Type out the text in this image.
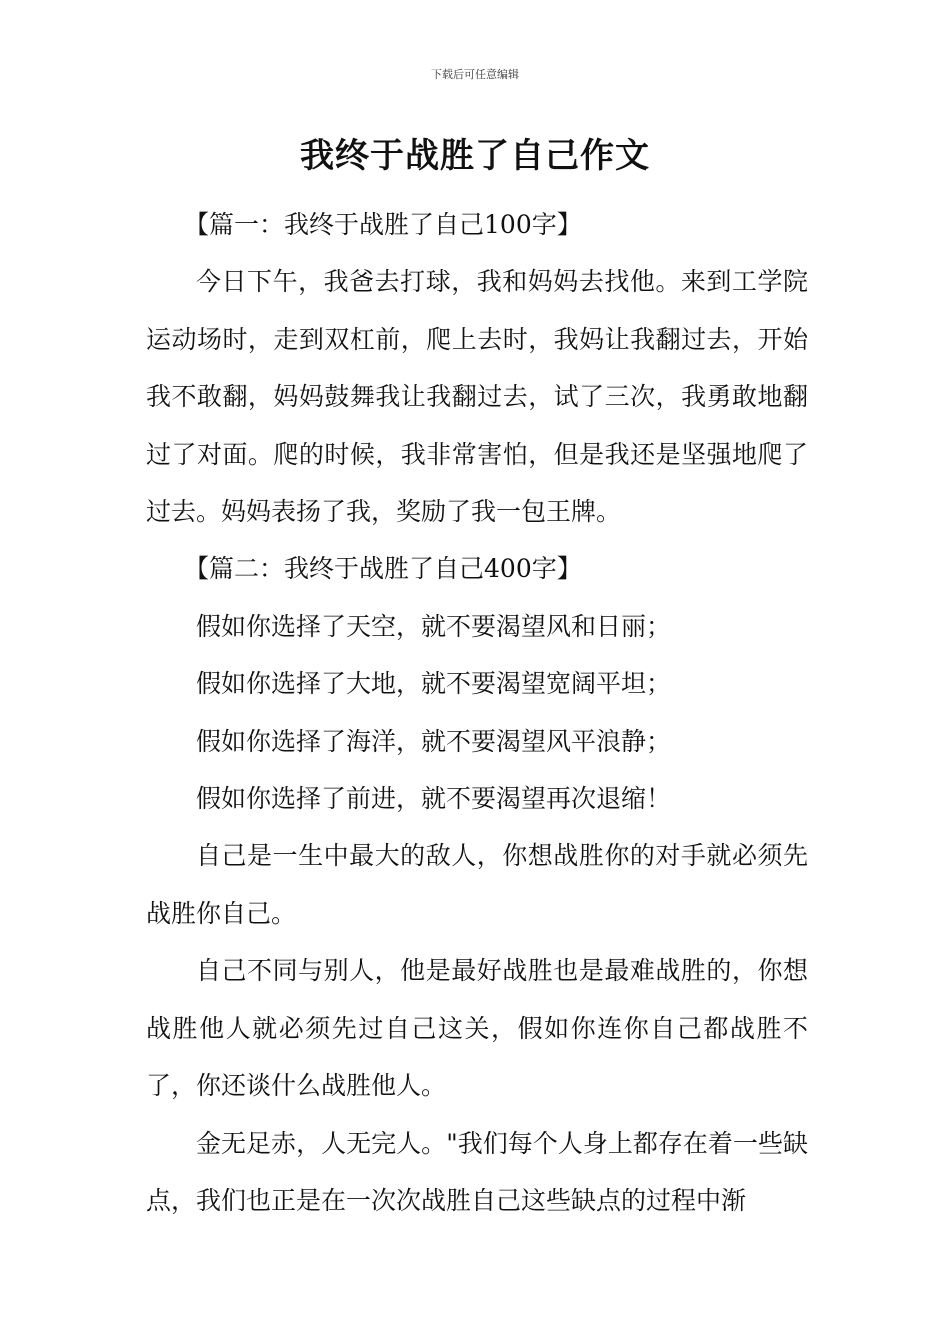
下载后可任意编辑
我终于战胜了自己作文

【篇一：我终于战胜了自己100字】

今日下午，我爸去打球，我和妈妈去找他。来到工学院运动场时，走到双杠前，爬上去时，我妈让我翻过去，开始我不敢翻，妈妈鼓舞我让我翻过去，试了三次，我勇敢地翻过了对面。爬的时候，我非常害怕，但是我还是坚强地爬了过去。妈妈表扬了我，奖励了我一包王牌。

【篇二：我终于战胜了自己400字】

假如你选择了天空，就不要渴望风和日丽；

假如你选择了大地，就不要渴望宽阔平坦；

假如你选择了海洋，就不要渴望风平浪静；

假如你选择了前进，就不要渴望再次退缩！

自己是一生中最大的敌人，你想战胜你的对手就必须先战胜你自己。

自己不同与别人，他是最好战胜也是最难战胜的，你想战胜他人就必须先过自己这关，假如你连你自己都战胜不了，你还谈什么战胜他人。

金无足赤，人无完人。"我们每个人身上都存在着一些缺点，我们也正是在一次次战胜自己这些缺点的过程中渐
